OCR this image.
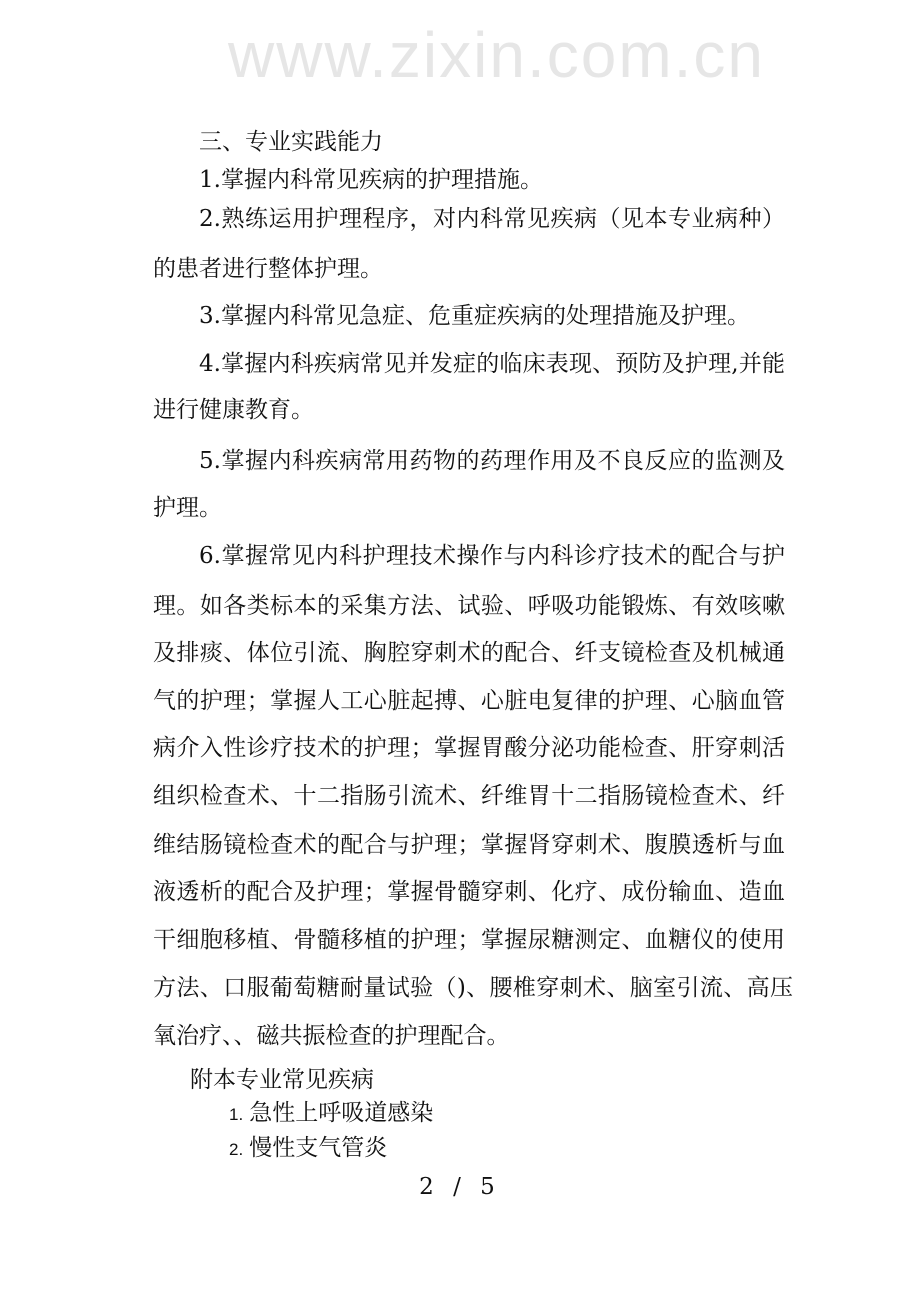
www.zixin.com.cn
三、专业实践能力
1.掌握内科常见疾病的护理措施。
2.熟练运用护理程序，对内科常见疾病（见本专业病种）
的患者进行整体护理。
3.掌握内科常见急症、危重症疾病的处理措施及护理。
4.掌握内科疾病常见并发症的临床表现、预防及护理,并能
进行健康教育。
5.掌握内科疾病常用药物的药理作用及不良反应的监测及
护理。
6.掌握常见内科护理技术操作与内科诊疗技术的配合与护
理。如各类标本的采集方法、试验、呼吸功能锻炼、有效咳嗽
及排痰、体位引流、胸腔穿刺术的配合、纤支镜检查及机械通
气的护理；掌握人工心脏起搏、心脏电复律的护理、心脑血管
病介入性诊疗技术的护理；掌握胃酸分泌功能检查、肝穿刺活
组织检查术、十二指肠引流术、纤维胃十二指肠镜检查术、纤
维结肠镜检查术的配合与护理；掌握肾穿刺术、腹膜透析与血
液透析的配合及护理；掌握骨髓穿刺、化疗、成份输血、造血
干细胞移植、骨髓移植的护理；掌握尿糖测定、血糖仪的使用
方法、口服葡萄糖耐量试验（)、腰椎穿刺术、脑室引流、高压
氧治疗、、磁共振检查的护理配合。
附本专业常见疾病
1. 急性上呼吸道感染
2. 慢性支气管炎
2 / 5
